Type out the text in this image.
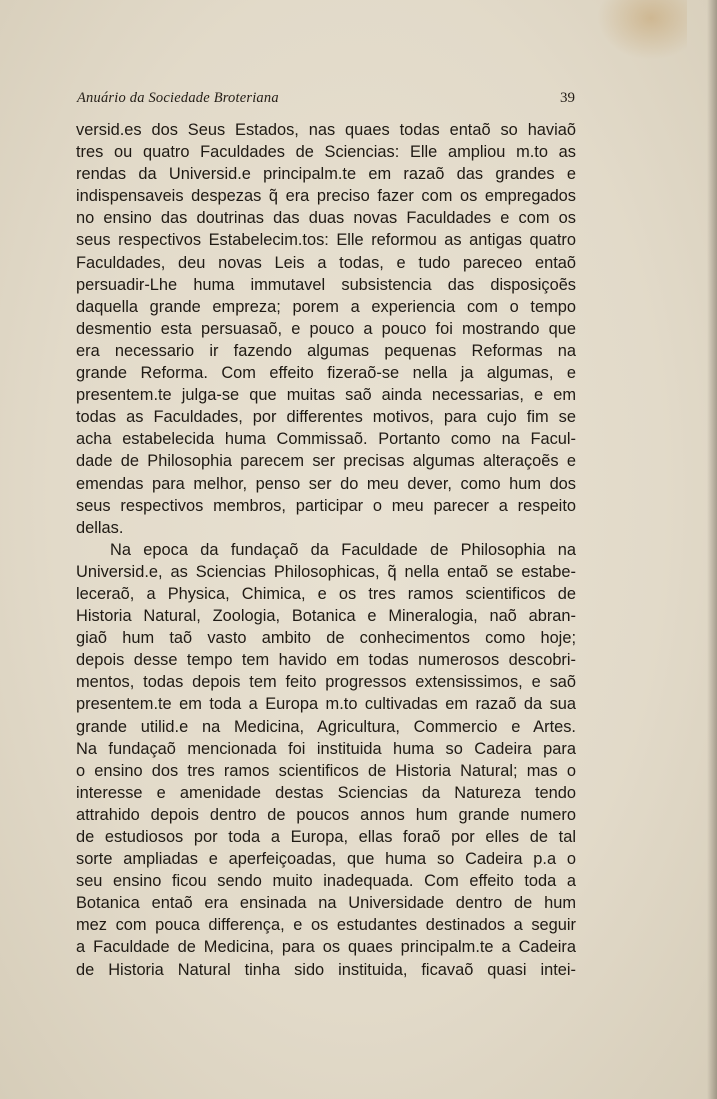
Anuário da Sociedade Broteriana	39
versid.es dos Seus Estados, nas quaes todas entaõ so haviaõ
tres ou quatro Faculdades de Sciencias: Elle ampliou m.to as
rendas da Universid.e principalm.te em razaõ das grandes e
indispensaveis despezas q̃ era preciso fazer com os empregados
no ensino das doutrinas das duas novas Faculdades e com os
seus respectivos Estabelecim.tos: Elle reformou as antigas quatro
Faculdades, deu novas Leis a todas, e tudo pareceo entaõ
persuadir-Lhe huma immutavel subsistencia das disposiçoẽs
daquella grande empreza; porem a experiencia com o tempo
desmentio esta persuasaõ, e pouco a pouco foi mostrando que
era necessario ir fazendo algumas pequenas Reformas na
grande Reforma. Com effeito fizeraõ-se nella ja algumas, e
presentem.te julga-se que muitas saõ ainda necessarias, e em
todas as Faculdades, por differentes motivos, para cujo fim se
acha estabelecida huma Commissaõ. Portanto como na Facul-
dade de Philosophia parecem ser precisas algumas alteraçoẽs e
emendas para melhor, penso ser do meu dever, como hum dos
seus respectivos membros, participar o meu parecer a respeito
dellas.
Na epoca da fundaçaõ da Faculdade de Philosophia na
Universid.e, as Sciencias Philosophicas, q̃ nella entaõ se estabe-
leceraõ, a Physica, Chimica, e os tres ramos scientificos de
Historia Natural, Zoologia, Botanica e Mineralogia, naõ abran-
giaõ hum taõ vasto ambito de conhecimentos como hoje;
depois desse tempo tem havido em todas numerosos descobri-
mentos, todas depois tem feito progressos extensissimos, e saõ
presentem.te em toda a Europa m.to cultivadas em razaõ da sua
grande utilid.e na Medicina, Agricultura, Commercio e Artes.
Na fundaçaõ mencionada foi instituida huma so Cadeira para
o ensino dos tres ramos scientificos de Historia Natural; mas o
interesse e amenidade destas Sciencias da Natureza tendo
attrahido depois dentro de poucos annos hum grande numero
de estudiosos por toda a Europa, ellas foraõ por elles de tal
sorte ampliadas e aperfeiçoadas, que huma so Cadeira p.a o
seu ensino ficou sendo muito inadequada. Com effeito toda a
Botanica entaõ era ensinada na Universidade dentro de hum
mez com pouca differença, e os estudantes destinados a seguir
a Faculdade de Medicina, para os quaes principalm.te a Cadeira
de Historia Natural tinha sido instituida, ficavaõ quasi intei-
